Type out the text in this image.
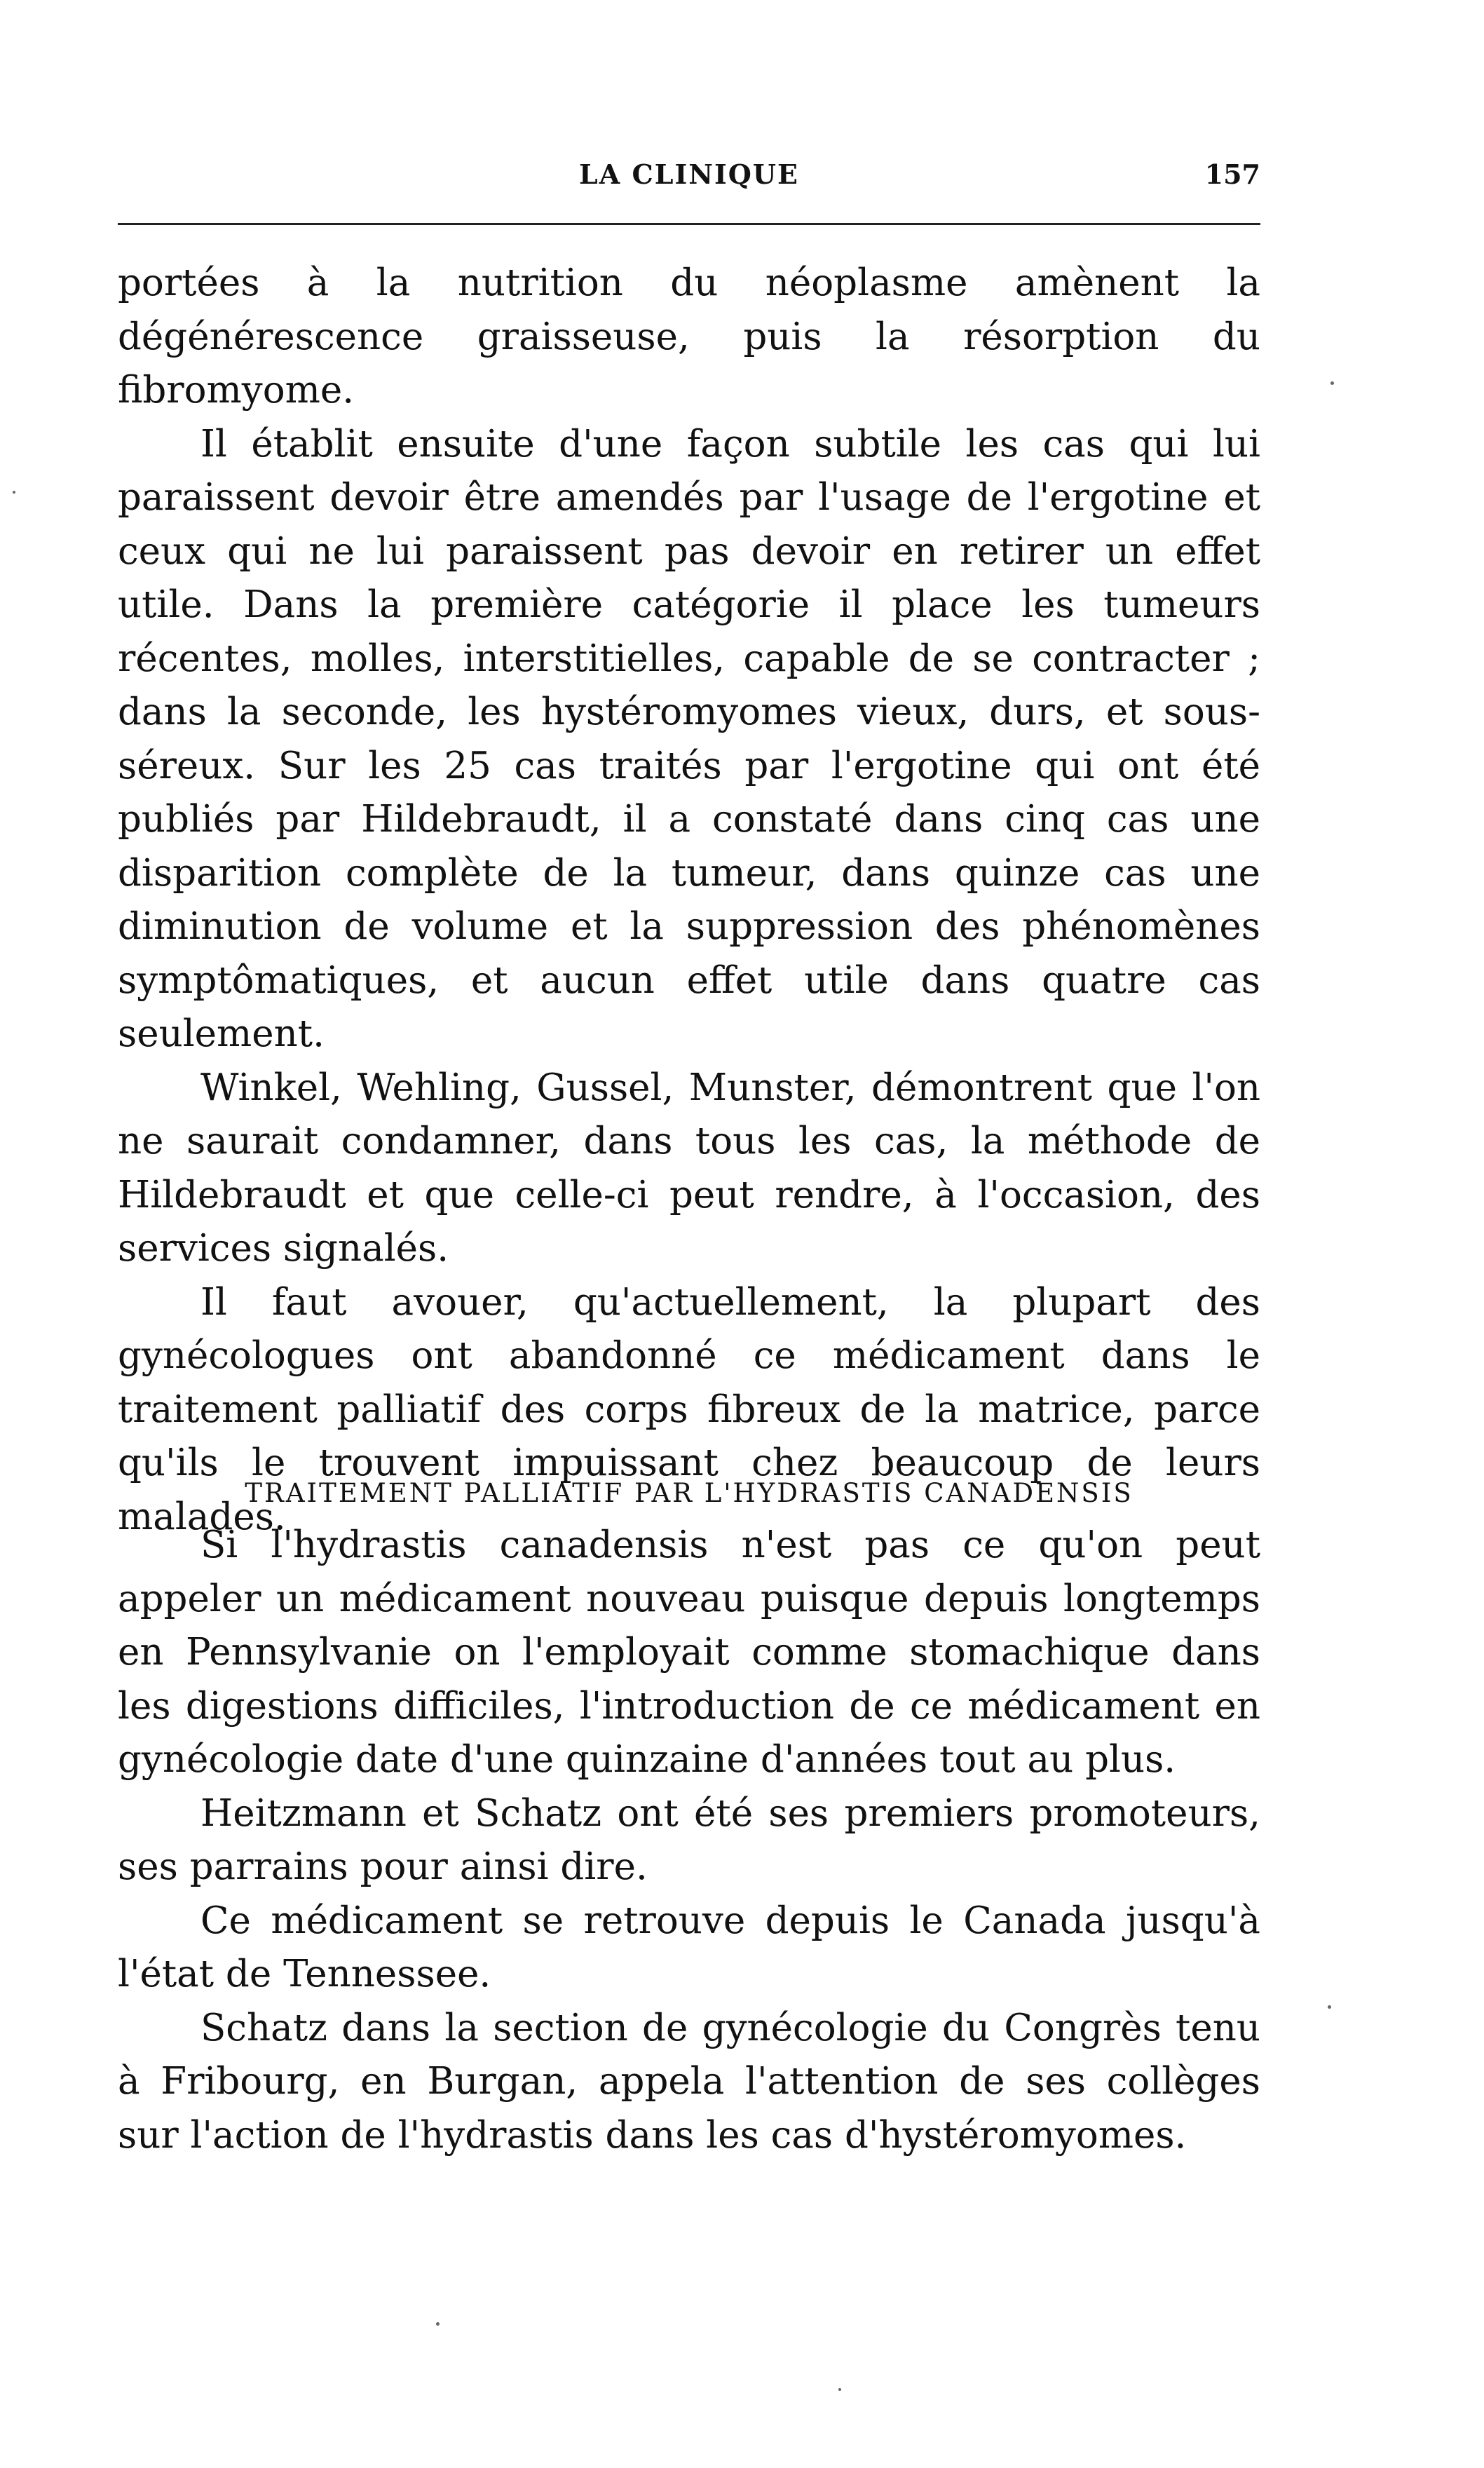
LA CLINIQUE	157

portées à la nutrition du néoplasme amènent la dégénérescence graisseuse, puis la résorption du fibromyome.

Il établit ensuite d'une façon subtile les cas qui lui paraissent devoir être amendés par l'usage de l'ergotine et ceux qui ne lui paraissent pas devoir en retirer un effet utile. Dans la première catégorie il place les tumeurs récentes, molles, interstitielles, capable de se contracter ; dans la seconde, les hystéromyomes vieux, durs, et sous-séreux. Sur les 25 cas traités par l'ergotine qui ont été publiés par Hildebraudt, il a constaté dans cinq cas une disparition complète de la tumeur, dans quinze cas une diminution de volume et la suppression des phénomènes symptômatiques, et aucun effet utile dans quatre cas seulement.

Winkel, Wehling, Gussel, Munster, démontrent que l'on ne saurait condamner, dans tous les cas, la méthode de Hildebraudt et que celle-ci peut rendre, à l'occasion, des services signalés.

Il faut avouer, qu'actuellement, la plupart des gynécologues ont abandonné ce médicament dans le traitement palliatif des corps fibreux de la matrice, parce qu'ils le trouvent impuissant chez beaucoup de leurs malades.

TRAITEMENT PALLIATIF PAR L'HYDRASTIS CANADENSIS

Si l'hydrastis canadensis n'est pas ce qu'on peut appeler un médicament nouveau puisque depuis longtemps en Pennsylvanie on l'employait comme stomachique dans les digestions difficiles, l'introduction de ce médicament en gynécologie date d'une quinzaine d'années tout au plus.

Heitzmann et Schatz ont été ses premiers promoteurs, ses parrains pour ainsi dire.

Ce médicament se retrouve depuis le Canada jusqu'à l'état de Tennessee.

Schatz dans la section de gynécologie du Congrès tenu à Fribourg, en Burgan, appela l'attention de ses collèges sur l'action de l'hydrastis dans les cas d'hystéromyomes.
